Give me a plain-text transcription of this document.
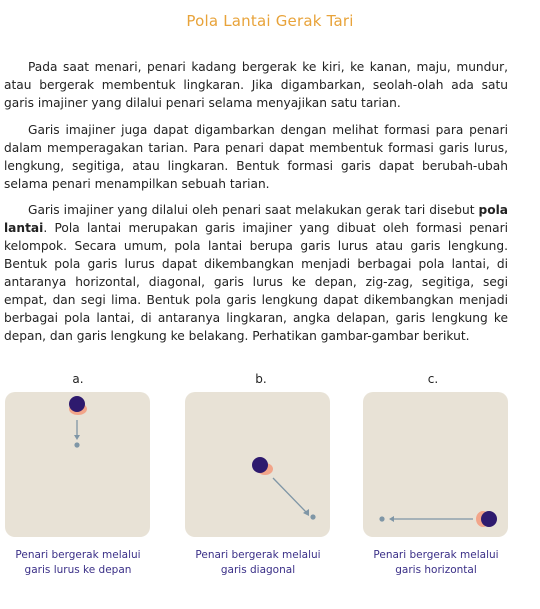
Pola Lantai Gerak Tari

Pada saat menari, penari kadang bergerak ke kiri, ke kanan, maju, mundur, atau bergerak membentuk lingkaran. Jika digambarkan, seolah-olah ada satu garis imajiner yang dilalui penari selama menyajikan satu tarian.

Garis imajiner juga dapat digambarkan dengan melihat formasi para penari dalam memperagakan tarian. Para penari dapat membentuk formasi garis lurus, lengkung, segitiga, atau lingkaran. Bentuk formasi garis dapat berubah-ubah selama penari menampilkan sebuah tarian.

Garis imajiner yang dilalui oleh penari saat melakukan gerak tari disebut pola lantai. Pola lantai merupakan garis imajiner yang dibuat oleh formasi penari kelompok. Secara umum, pola lantai berupa garis lurus atau garis lengkung. Bentuk pola garis lurus dapat dikembangkan menjadi berbagai pola lantai, di antaranya horizontal, diagonal, garis lurus ke depan, zig-zag, segitiga, segi empat, dan segi lima. Bentuk pola garis lengkung dapat dikembangkan menjadi berbagai pola lantai, di antaranya lingkaran, angka delapan, garis lengkung ke depan, dan garis lengkung ke belakang. Perhatikan gambar-gambar berikut.

a.
Penari bergerak melalui garis lurus ke depan
b.
Penari bergerak melalui garis diagonal
c.
Penari bergerak melalui garis horizontal
